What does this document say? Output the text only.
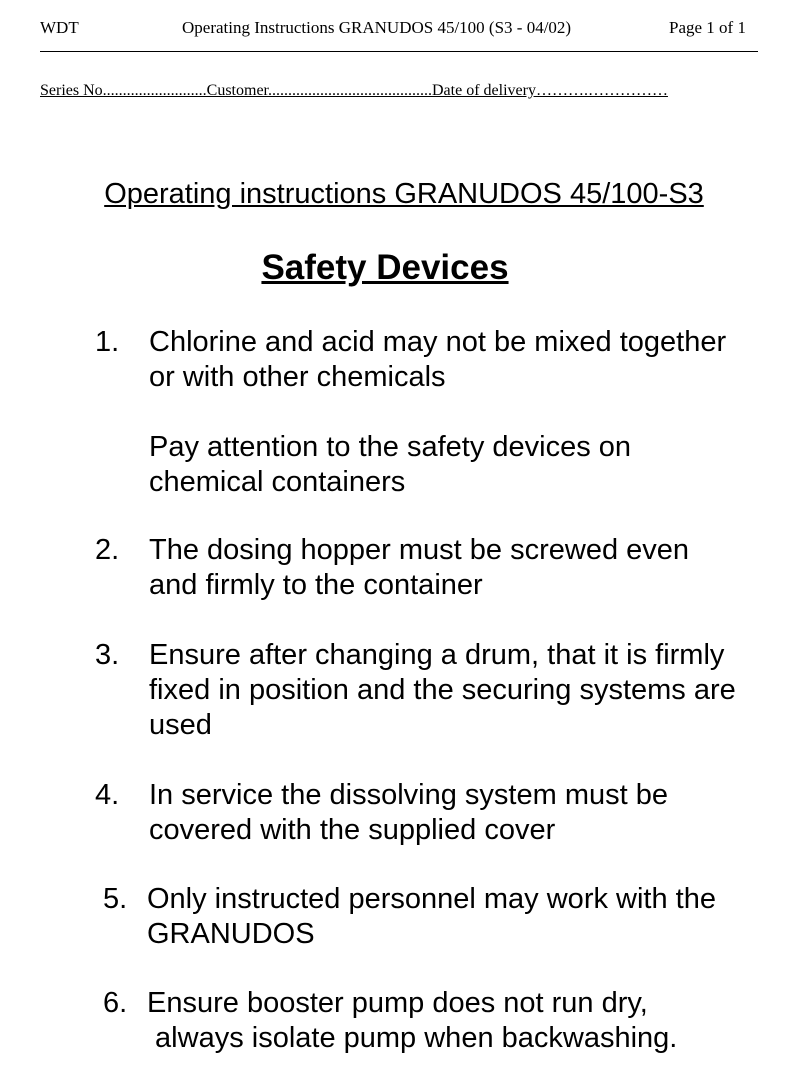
WDT	Operating Instructions GRANUDOS 45/100 (S3 - 04/02)	Page 1 of 1
Series No..........................Customer.........................................Date of delivery……….……………
Operating instructions GRANUDOS 45/100-S3
Safety Devices
1. Chlorine and acid may not be mixed together
or with other chemicals
Pay attention to the safety devices on
chemical containers
2. The dosing hopper must be screwed even
and firmly to the container
3. Ensure after changing a drum, that it is firmly
fixed in position and the securing systems are
used
4. In service the dissolving system must be
covered with the supplied cover
5. Only instructed personnel may work with the
GRANUDOS
6. Ensure booster pump does not run dry,
always isolate pump when backwashing.
